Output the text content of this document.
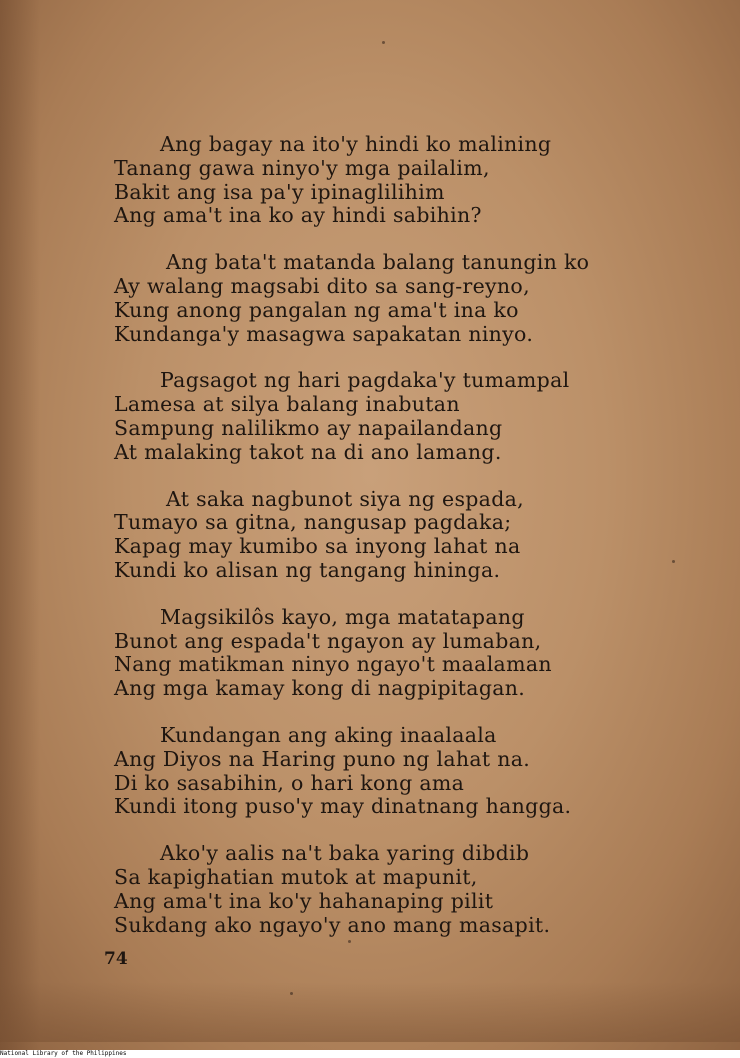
Ang bagay na ito'y hindi ko malining
Tanang gawa ninyo'y mga pailalim,
Bakit ang isa pa'y ipinaglilihim
Ang ama't ina ko ay hindi sabihin?
Ang bata't matanda balang tanungin ko
Ay walang magsabi dito sa sang-reyno,
Kung anong pangalan ng ama't ina ko
Kundanga'y masagwa sapakatan ninyo.
Pagsagot ng hari pagdaka'y tumampal
Lamesa at silya balang inabutan
Sampung nalilikmo ay napailandang
At malaking takot na di ano lamang.
At saka nagbunot siya ng espada,
Tumayo sa gitna, nangusap pagdaka;
Kapag may kumibo sa inyong lahat na
Kundi ko alisan ng tangang hininga.
Magsikilôs kayo, mga matatapang
Bunot ang espada't ngayon ay lumaban,
Nang matikman ninyo ngayo't maalaman
Ang mga kamay kong di nagpipitagan.
Kundangan ang aking inaalaala
Ang Diyos na Haring puno ng lahat na.
Di ko sasabihin, o hari kong ama
Kundi itong puso'y may dinatnang hangga.
Ako'y aalis na't baka yaring dibdib
Sa kapighatian mutok at mapunit,
Ang ama't ina ko'y hahanaping pilit
Sukdang ako ngayo'y ano mang masapit.
74
National Library of the Philippines
